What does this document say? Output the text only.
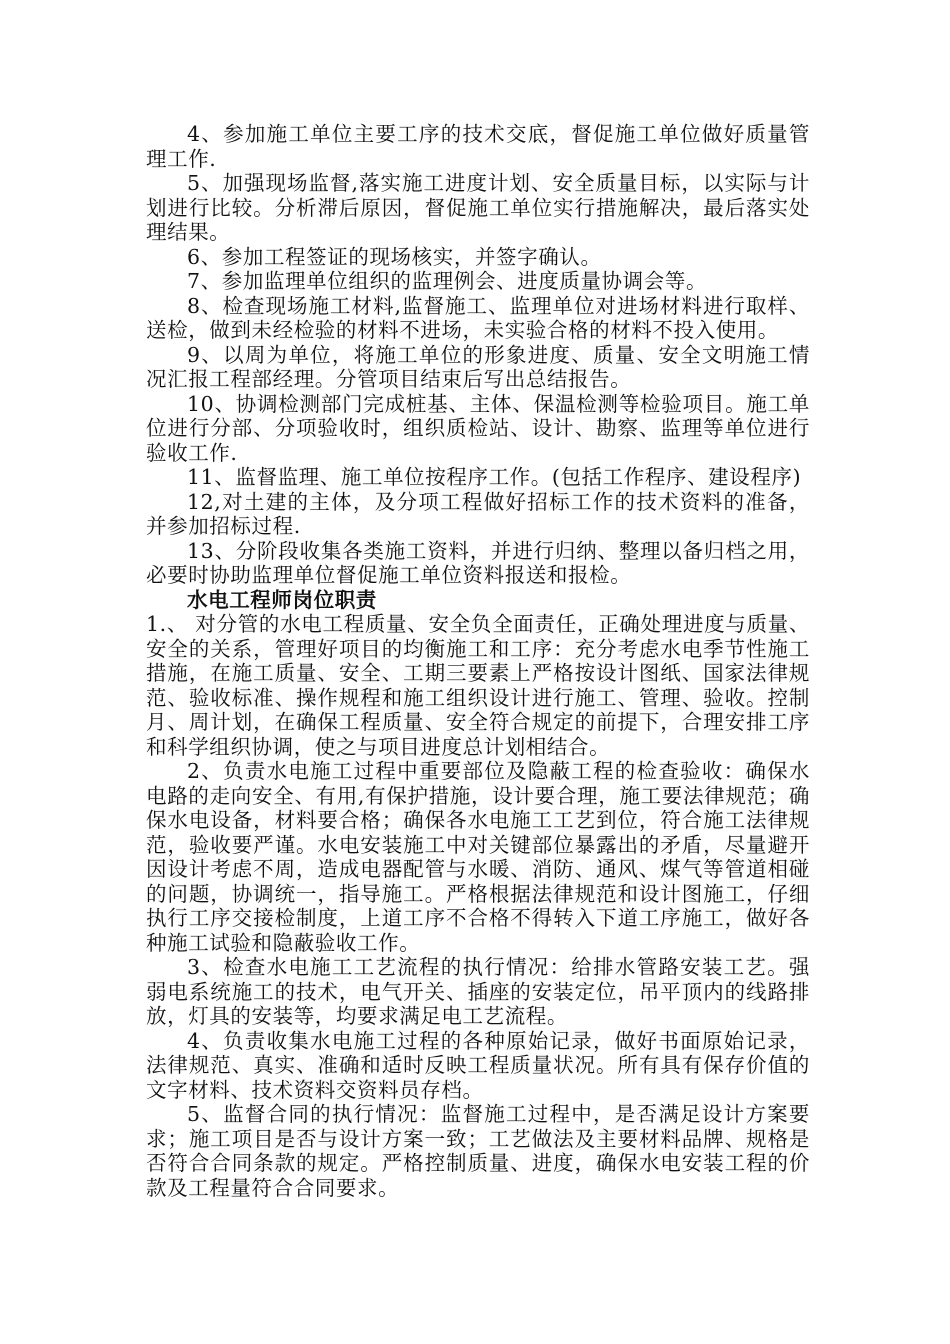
4、参加施工单位主要工序的技术交底，督促施工单位做好质量管理工作.

5、加强现场监督,落实施工进度计划、安全质量目标，以实际与计划进行比较。分析滞后原因，督促施工单位实行措施解决，最后落实处理结果。

6、参加工程签证的现场核实，并签字确认。

7、参加监理单位组织的监理例会、进度质量协调会等。

8、检查现场施工材料,监督施工、监理单位对进场材料进行取样、送检，做到未经检验的材料不进场，未实验合格的材料不投入使用。

9、以周为单位，将施工单位的形象进度、质量、安全文明施工情况汇报工程部经理。分管项目结束后写出总结报告。

10、协调检测部门完成桩基、主体、保温检测等检验项目。施工单位进行分部、分项验收时，组织质检站、设计、勘察、监理等单位进行验收工作.

11、监督监理、施工单位按程序工作。(包括工作程序、建设程序)

12,对土建的主体，及分项工程做好招标工作的技术资料的准备，并参加招标过程.

13、分阶段收集各类施工资料，并进行归纳、整理以备归档之用，必要时协助监理单位督促施工单位资料报送和报检。

水电工程师岗位职责

1.、 对分管的水电工程质量、安全负全面责任，正确处理进度与质量、安全的关系，管理好项目的均衡施工和工序：充分考虑水电季节性施工措施，在施工质量、安全、工期三要素上严格按设计图纸、国家法律规范、验收标准、操作规程和施工组织设计进行施工、管理、验收。控制月、周计划，在确保工程质量、安全符合规定的前提下，合理安排工序和科学组织协调，使之与项目进度总计划相结合。

2、负责水电施工过程中重要部位及隐蔽工程的检查验收：确保水电路的走向安全、有用,有保护措施，设计要合理，施工要法律规范；确保水电设备，材料要合格；确保各水电施工工艺到位，符合施工法律规范，验收要严谨。水电安装施工中对关键部位暴露出的矛盾，尽量避开因设计考虑不周，造成电器配管与水暖、消防、通风、煤气等管道相碰的问题，协调统一，指导施工。严格根据法律规范和设计图施工，仔细执行工序交接检制度，上道工序不合格不得转入下道工序施工，做好各种施工试验和隐蔽验收工作。

3、检查水电施工工艺流程的执行情况：给排水管路安装工艺。强弱电系统施工的技术，电气开关、插座的安装定位，吊平顶内的线路排放，灯具的安装等，均要求满足电工艺流程。

4、负责收集水电施工过程的各种原始记录，做好书面原始记录，法律规范、真实、准确和适时反映工程质量状况。所有具有保存价值的文字材料、技术资料交资料员存档。

5、监督合同的执行情况：监督施工过程中，是否满足设计方案要求；施工项目是否与设计方案一致；工艺做法及主要材料品牌、规格是否符合合同条款的规定。严格控制质量、进度，确保水电安装工程的价款及工程量符合合同要求。
